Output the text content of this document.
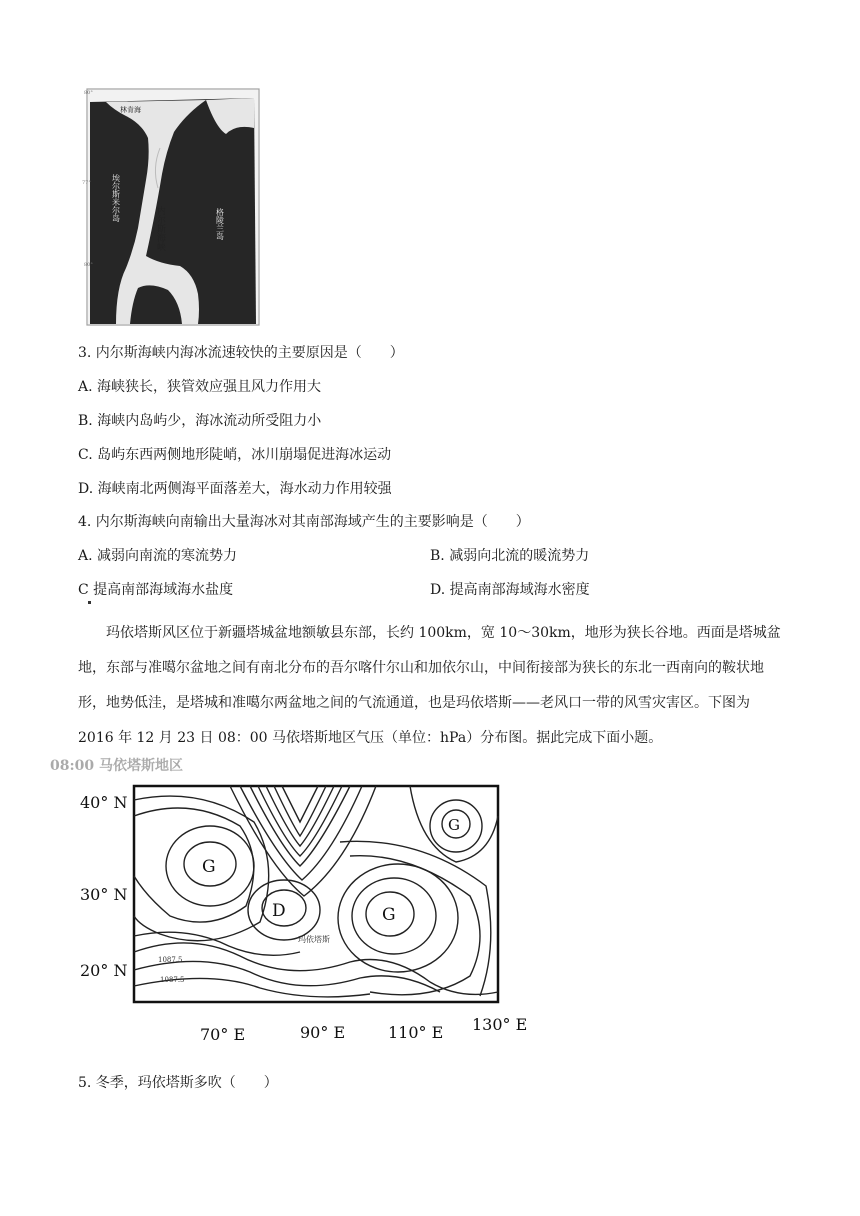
林肯海
77°
80°
80°
埃尔斯米尔岛
内尔斯海峡	格陵兰岛
3. 内尔斯海峡内海冰流速较快的主要原因是（　　）
A. 海峡狭长，狭管效应强且风力作用大
B. 海峡内岛屿少，海冰流动所受阻力小
C. 岛屿东西两侧地形陡峭，冰川崩塌促进海冰运动
D. 海峡南北两侧海平面落差大，海水动力作用较强
4. 内尔斯海峡向南输出大量海冰对其南部海域产生的主要影响是（　　）
A. 减弱向南流的寒流势力	B. 减弱向北流的暖流势力
C 提高南部海域海水盐度	D. 提高南部海域海水密度
玛依塔斯风区位于新疆塔城盆地额敏县东部，长约 100km，宽 10～30km，地形为狭长谷地。西面是塔城盆地，东部与准噶尔盆地之间有南北分布的吾尔喀什尔山和加依尔山，中间衔接部为狭长的东北一西南向的鞍状地形，地势低洼，是塔城和准噶尔两盆地之间的气流通道，也是玛依塔斯——老风口一带的风雪灾害区。下图为 2016 年 12 月 23 日 08：00 马依塔斯地区气压（单位：hPa）分布图。据此完成下面小题。
08:00 马依塔斯地区
G
D	G
G
玛依塔斯
1087.5
1087.5
40° N
30° N
20° N
70° E	90° E	110° E 130° E
5. 冬季，玛依塔斯多吹（　　）
